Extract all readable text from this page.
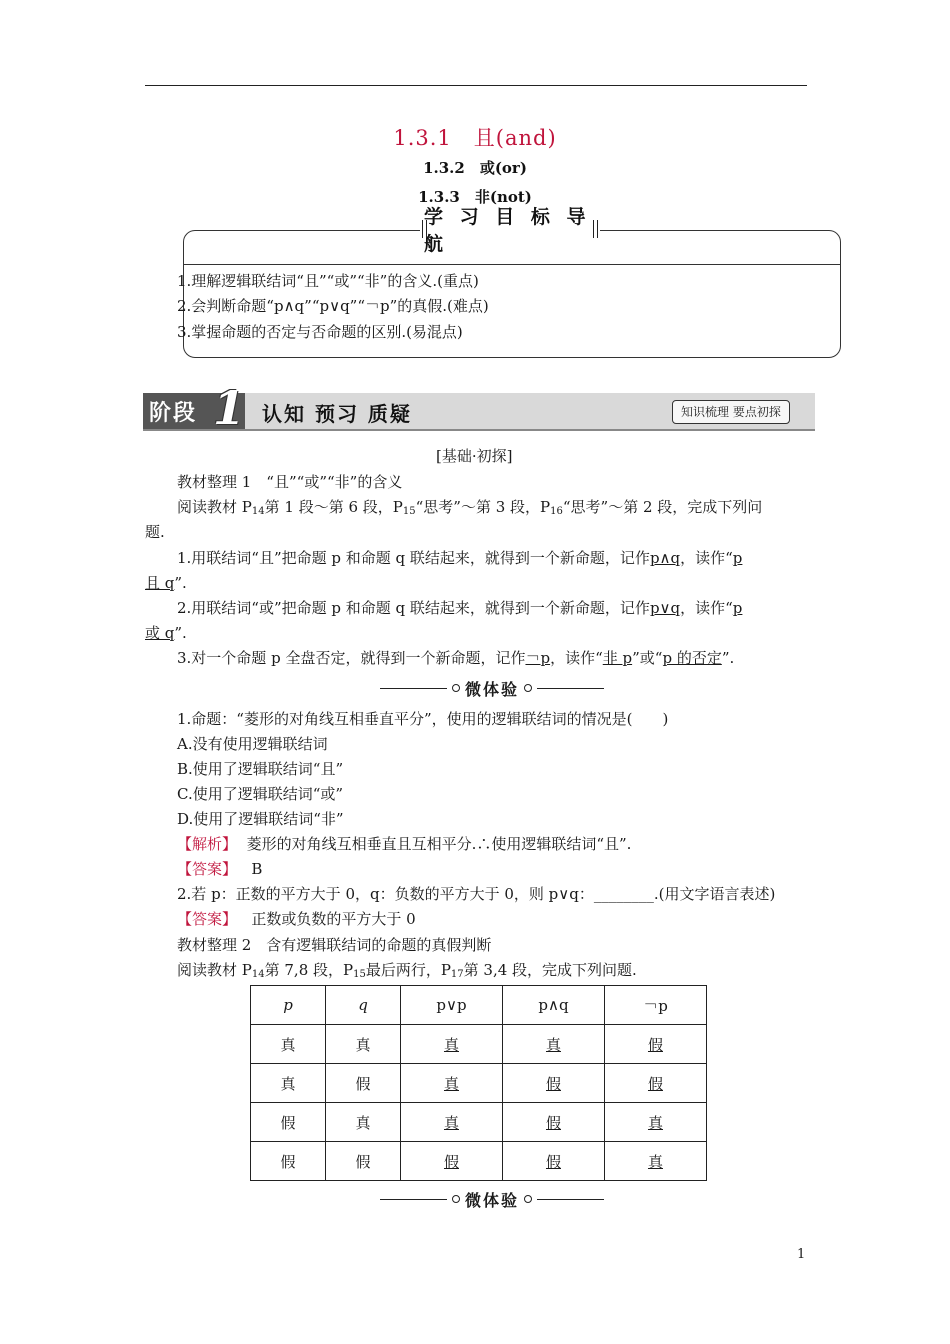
1.3.1　且(and)
1.3.2　或(or)
1.3.3　非(not)
学 习 目 标 导 航
1.理解逻辑联结词“且”“或”“非”的含义.(重点)
2.会判断命题“p∧q”“p∨q”“￢p”的真假.(难点)
3.掌握命题的否定与否命题的区别.(易混点)
阶段 1 认知 预习 质疑	知识梳理 要点初探
[基础·初探]
教材整理 1　“且”“或”“非”的含义
阅读教材 $P_{14}$第 1 段～第 6 段，$P_{15}“$思考”～第 3 段，$P_{16}“$思考”～第 2 段，完成下列问
题.
1.用联结词“且”把命题 p 和命题 q 联结起来，就得到一个新命题，记作p∧q，读作“p
且 q”.
2.用联结词“或”把命题 p 和命题 q 联结起来，就得到一个新命题，记作p∨q，读作“p
或 q”.
3.对一个命题 p 全盘否定，就得到一个新命题，记作￢p，读作“非 p”或“p 的否定”.
微体验
1.命题：“菱形的对角线互相垂直平分”，使用的逻辑联结词的情况是(　　)
A.没有使用逻辑联结词
B.使用了逻辑联结词“且”
C.使用了逻辑联结词“或”
D.使用了逻辑联结词“非”
【解析】 菱形的对角线互相垂直且互相平分.∴使用逻辑联结词“且”.
【答案】 B
2.若 p：正数的平方大于 0，q：负数的平方大于 0，则 p∨q：________.(用文字语言表述)
【答案】 正数或负数的平方大于 0
教材整理 2　含有逻辑联结词的命题的真假判断
阅读教材 $P_{14}$第 7,8 段，$P_{15}$最后两行，$P_{17}$第 3,4 段，完成下列问题.
p	q	p∨p	p∧q	￢p
真	真	真	真	假
真	假	真	假	假
假	真	真	假	真
假	假	假	假	真
微体验
1
